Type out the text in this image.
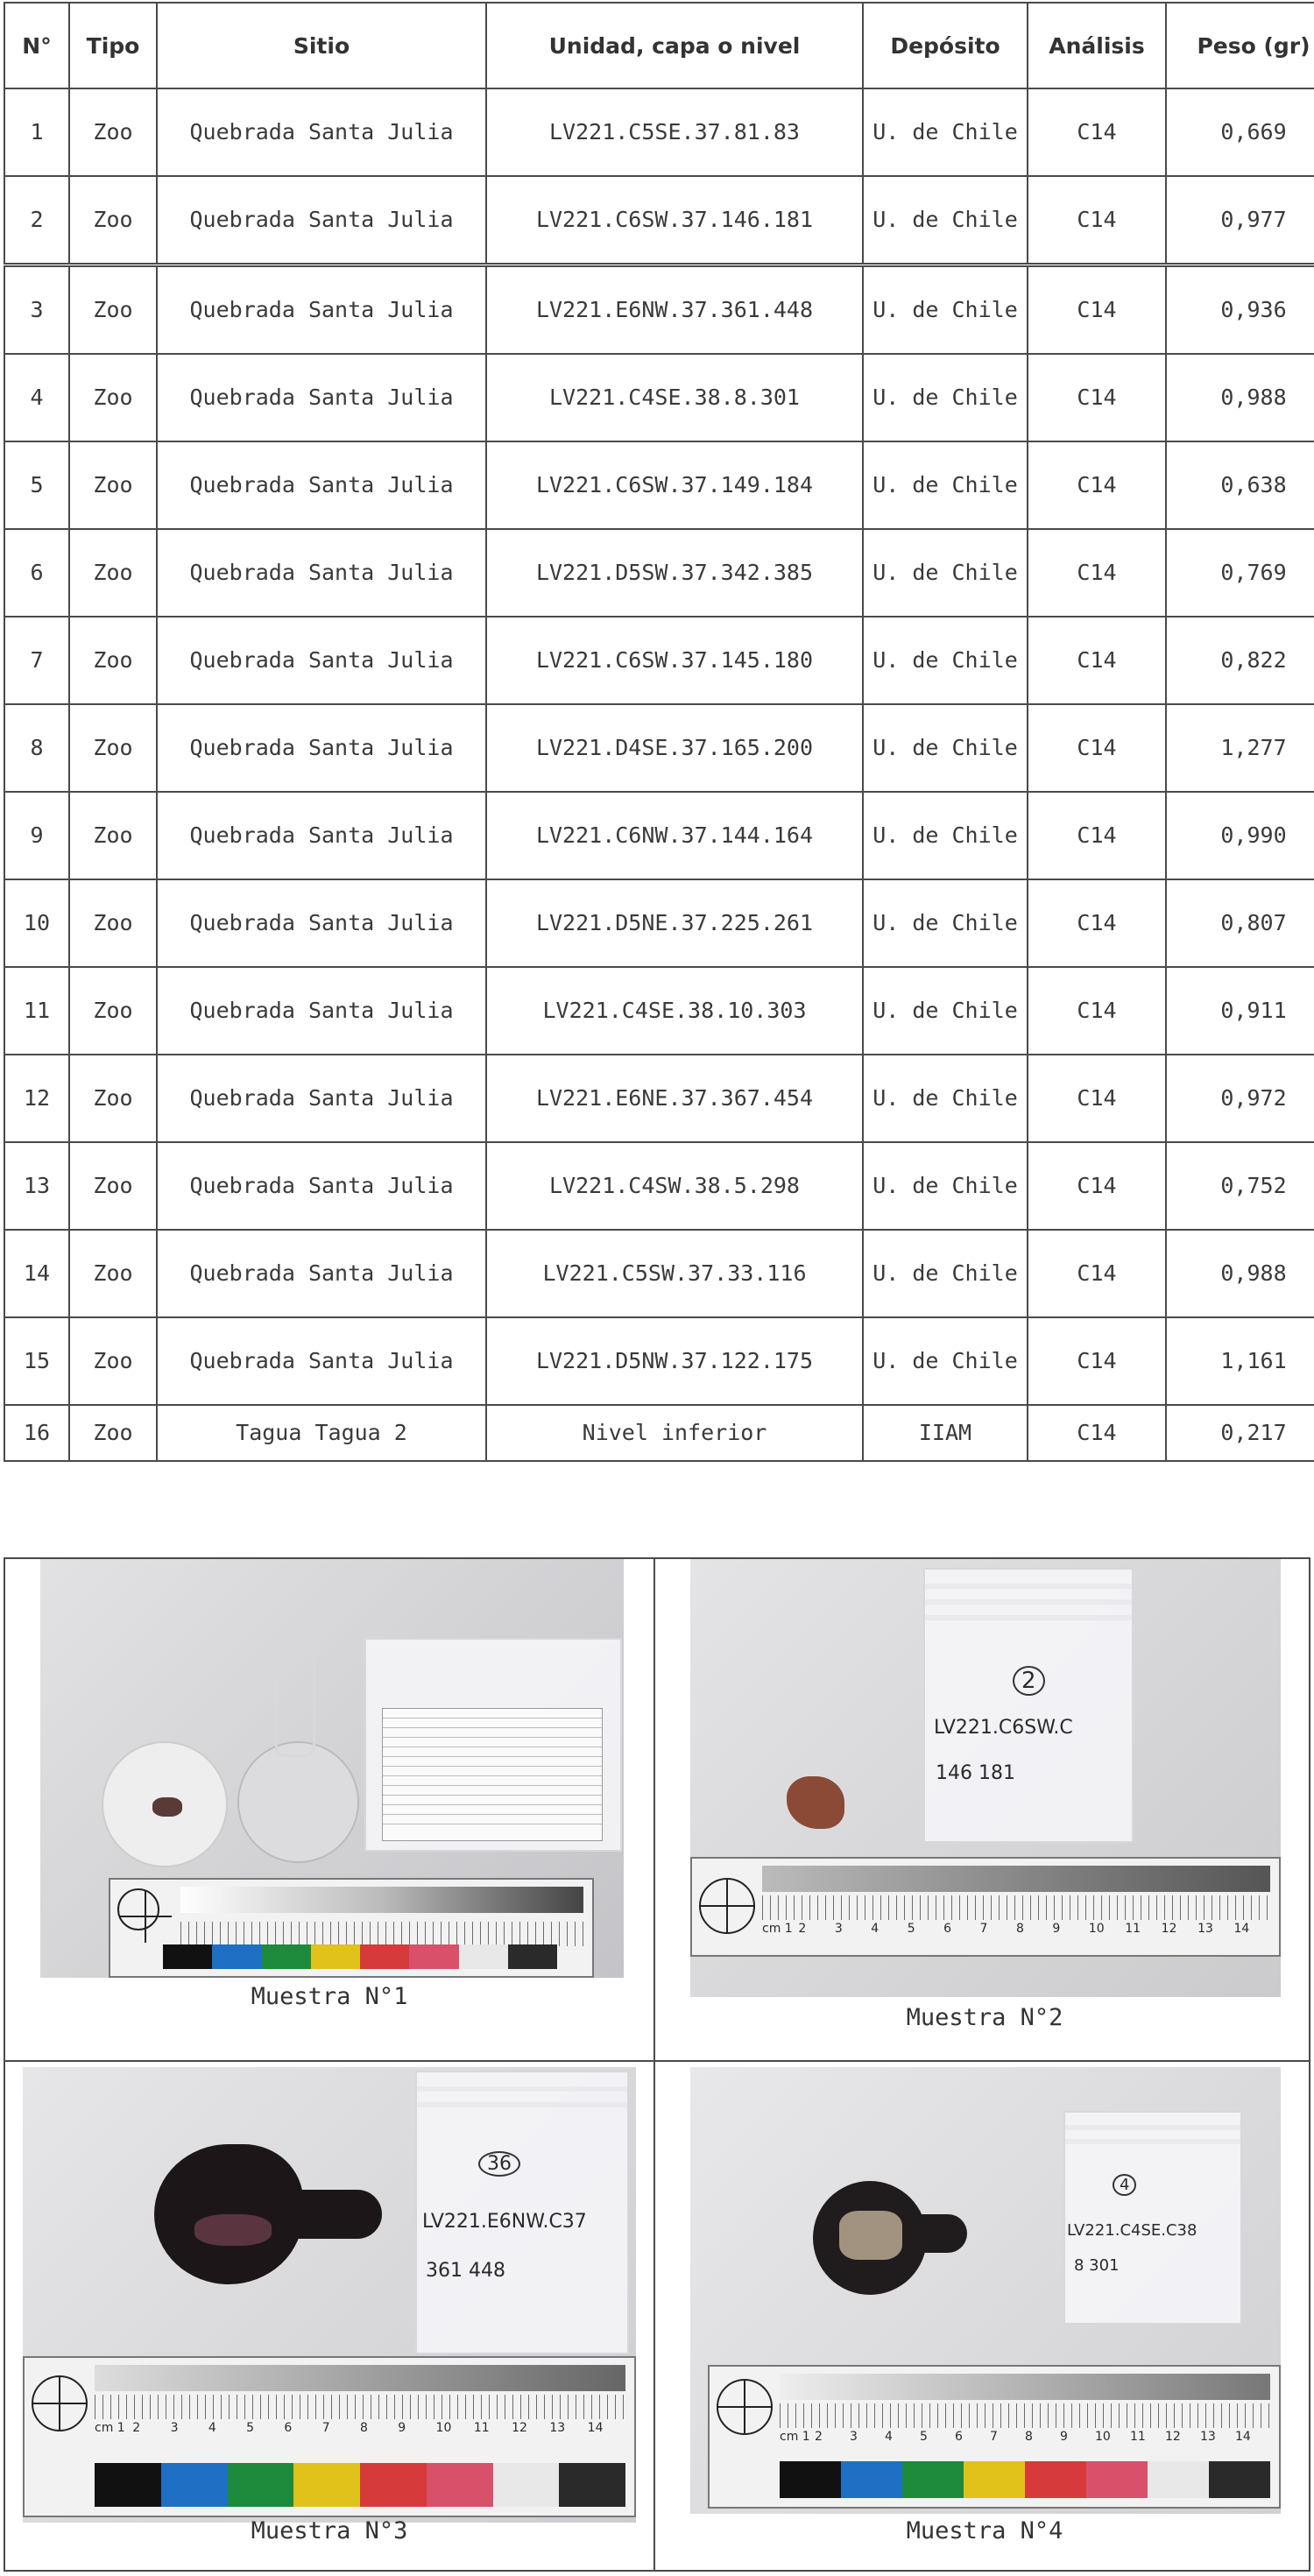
N°	Tipo	Sitio	Unidad, capa o nivel	Depósito	Análisis	Peso (gr)
1	Zoo	Quebrada Santa Julia	LV221.C5SE.37.81.83	U. de Chile	C14	0,669
2	Zoo	Quebrada Santa Julia	LV221.C6SW.37.146.181	U. de Chile	C14	0,977
3	Zoo	Quebrada Santa Julia	LV221.E6NW.37.361.448	U. de Chile	C14	0,936
4	Zoo	Quebrada Santa Julia	LV221.C4SE.38.8.301	U. de Chile	C14	0,988
5	Zoo	Quebrada Santa Julia	LV221.C6SW.37.149.184	U. de Chile	C14	0,638
6	Zoo	Quebrada Santa Julia	LV221.D5SW.37.342.385	U. de Chile	C14	0,769
7	Zoo	Quebrada Santa Julia	LV221.C6SW.37.145.180	U. de Chile	C14	0,822
8	Zoo	Quebrada Santa Julia	LV221.D4SE.37.165.200	U. de Chile	C14	1,277
9	Zoo	Quebrada Santa Julia	LV221.C6NW.37.144.164	U. de Chile	C14	0,990
10	Zoo	Quebrada Santa Julia	LV221.D5NE.37.225.261	U. de Chile	C14	0,807
11	Zoo	Quebrada Santa Julia	LV221.C4SE.38.10.303	U. de Chile	C14	0,911
12	Zoo	Quebrada Santa Julia	LV221.E6NE.37.367.454	U. de Chile	C14	0,972
13	Zoo	Quebrada Santa Julia	LV221.C4SW.38.5.298	U. de Chile	C14	0,752
14	Zoo	Quebrada Santa Julia	LV221.C5SW.37.33.116	U. de Chile	C14	0,988
15	Zoo	Quebrada Santa Julia	LV221.D5NW.37.122.175	U. de Chile	C14	1,161
16	Zoo	Tagua Tagua 2	Nivel inferior	IIAM	C14	0,217
Muestra N°1
2
LV221.C6SW.C
146 181
cm 1 2	3	4	5	6	7	8	9	10	11	12	13	14
Muestra N°2
36
LV221.E6NW.C37
361 448
cm 1 2	3	4	5	6	7	8	9	10	11	12	13	14
Muestra N°3
4
LV221.C4SE.C38
8 301
cm 1 2	3	4	5	6	7	8	9	10	11	12	13	14
Muestra N°4
